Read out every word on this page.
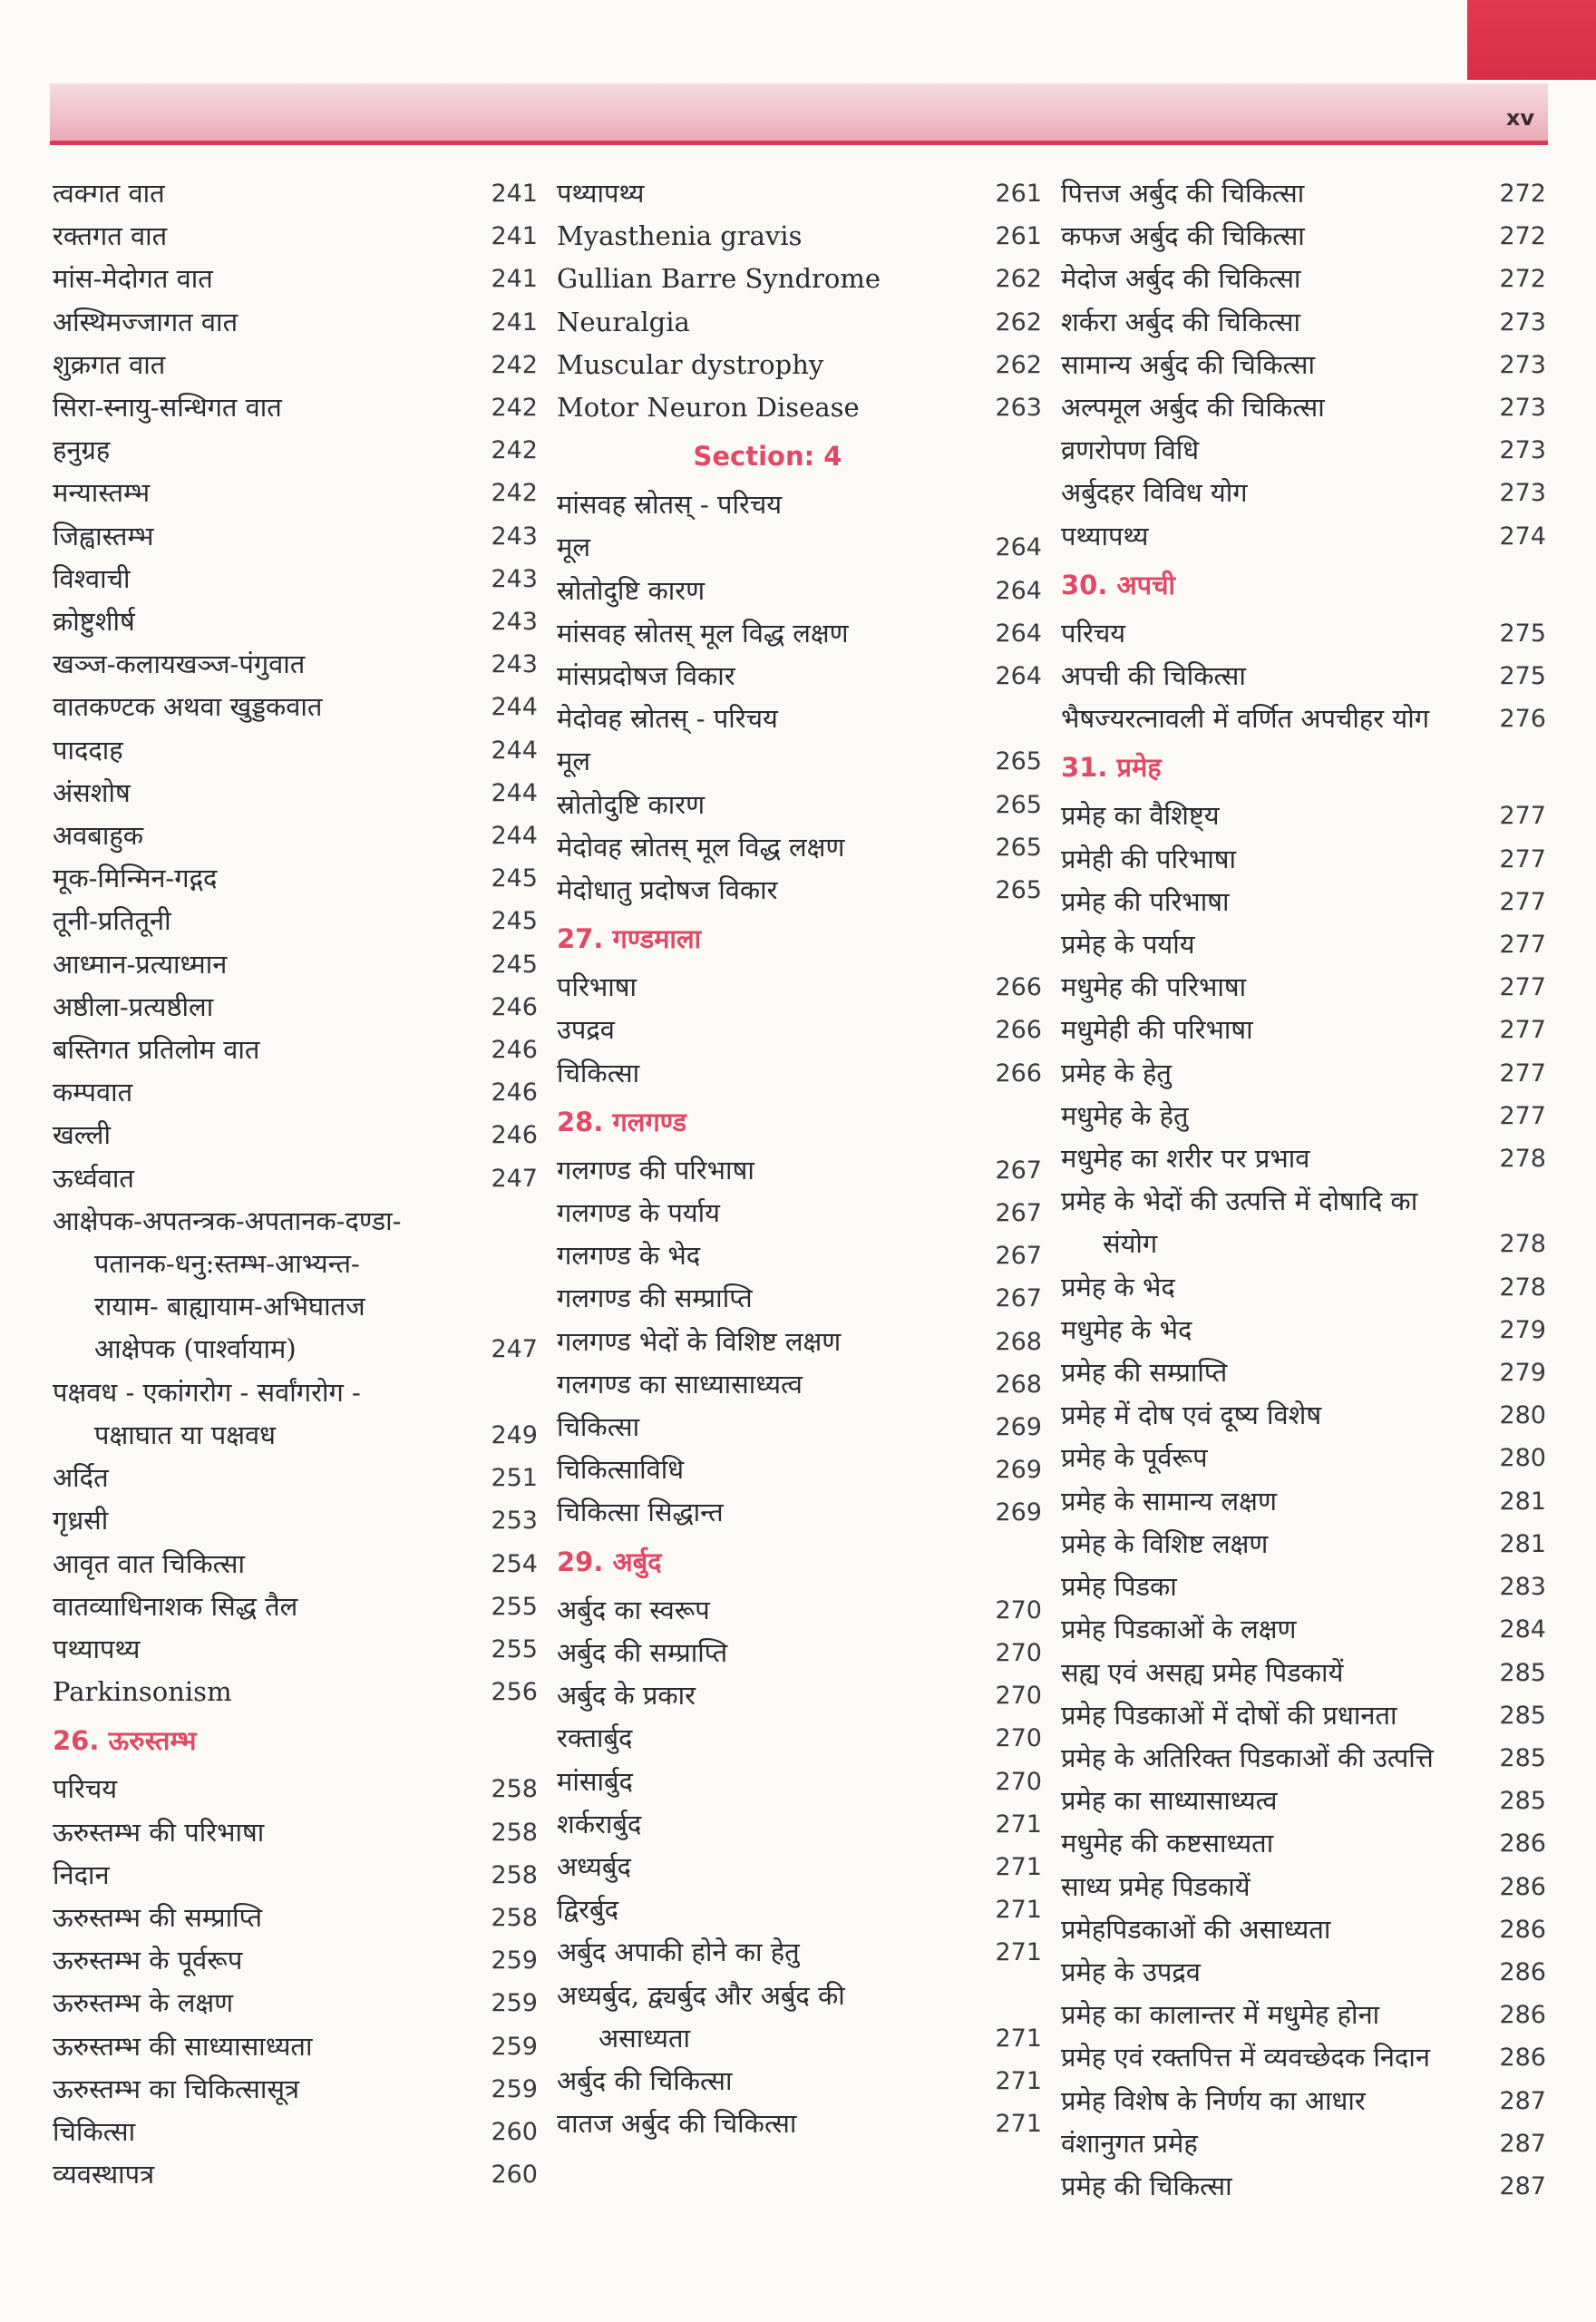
xv
त्वक्गत वात	241
रक्तगत वात	241
मांस-मेदोगत वात	241
अस्थिमज्जागत वात	241
शुक्रगत वात	242
सिरा-स्नायु-सन्धिगत वात	242
हनुग्रह	242
मन्यास्तम्भ	242
जिह्वास्तम्भ	243
विश्वाची	243
क्रोष्टुशीर्ष	243
खञ्ज-कलायखञ्ज-पंगुवात	243
वातकण्टक अथवा खुड्डकवात	244
पाददाह	244
अंसशोष	244
अवबाहुक	244
मूक-मिन्मिन-गद्गद	245
तूनी-प्रतितूनी	245
आध्मान-प्रत्याध्मान	245
अष्ठीला-प्रत्यष्ठीला	246
बस्तिगत प्रतिलोम वात	246
कम्पवात	246
खल्ली	246
ऊर्ध्ववात	247
आक्षेपक-अपतन्त्रक-अपतानक-दण्डा-
पतानक-धनु:स्तम्भ-आभ्यन्त-
रायाम- बाह्यायाम-अभिघातज
आक्षेपक (पार्श्वायाम)	247
पक्षवध - एकांगरोग - सर्वांगरोग -
पक्षाघात या पक्षवध	249
अर्दित	251
गृध्रसी	253
आवृत वात चिकित्सा	254
वातव्याधिनाशक सिद्ध तैल	255
पथ्यापथ्य	255
Parkinsonism	256
26. ऊरुस्तम्भ
परिचय	258
ऊरुस्तम्भ की परिभाषा	258
निदान	258
ऊरुस्तम्भ की सम्प्राप्ति	258
ऊरुस्तम्भ के पूर्वरूप	259
ऊरुस्तम्भ के लक्षण	259
ऊरुस्तम्भ की साध्यासाध्यता	259
ऊरुस्तम्भ का चिकित्सासूत्र	259
चिकित्सा	260
व्यवस्थापत्र	260
पथ्यापथ्य	261
Myasthenia gravis	261
Gullian Barre Syndrome	262
Neuralgia	262
Muscular dystrophy	262
Motor Neuron Disease	263
Section: 4
मांसवह स्रोतस् - परिचय
मूल	264
स्रोतोदुष्टि कारण	264
मांसवह स्रोतस् मूल विद्ध लक्षण	264
मांसप्रदोषज विकार	264
मेदोवह स्रोतस् - परिचय
मूल	265
स्रोतोदुष्टि कारण	265
मेदोवह स्रोतस् मूल विद्ध लक्षण	265
मेदोधातु प्रदोषज विकार	265
27. गण्डमाला
परिभाषा	266
उपद्रव	266
चिकित्सा	266
28. गलगण्ड
गलगण्ड की परिभाषा	267
गलगण्ड के पर्याय	267
गलगण्ड के भेद	267
गलगण्ड की सम्प्राप्ति	267
गलगण्ड भेदों के विशिष्ट लक्षण	268
गलगण्ड का साध्यासाध्यत्व	268
चिकित्सा	269
चिकित्साविधि	269
चिकित्सा सिद्धान्त	269
29. अर्बुद
अर्बुद का स्वरूप	270
अर्बुद की सम्प्राप्ति	270
अर्बुद के प्रकार	270
रक्तार्बुद	270
मांसार्बुद	270
शर्करार्बुद	271
अध्यर्बुद	271
द्विरर्बुद	271
अर्बुद अपाकी होने का हेतु	271
अध्यर्बुद, द्व्यर्बुद और अर्बुद की
असाध्यता	271
अर्बुद की चिकित्सा	271
वातज अर्बुद की चिकित्सा	271
पित्तज अर्बुद की चिकित्सा	272
कफज अर्बुद की चिकित्सा	272
मेदोज अर्बुद की चिकित्सा	272
शर्करा अर्बुद की चिकित्सा	273
सामान्य अर्बुद की चिकित्सा	273
अल्पमूल अर्बुद की चिकित्सा	273
व्रणरोपण विधि	273
अर्बुदहर विविध योग	273
पथ्यापथ्य	274
30. अपची
परिचय	275
अपची की चिकित्सा	275
भैषज्यरत्नावली में वर्णित अपचीहर योग	276
31. प्रमेह
प्रमेह का वैशिष्ट्य	277
प्रमेही की परिभाषा	277
प्रमेह की परिभाषा	277
प्रमेह के पर्याय	277
मधुमेह की परिभाषा	277
मधुमेही की परिभाषा	277
प्रमेह के हेतु	277
मधुमेह के हेतु	277
मधुमेह का शरीर पर प्रभाव	278
प्रमेह के भेदों की उत्पत्ति में दोषादि का
संयोग	278
प्रमेह के भेद	278
मधुमेह के भेद	279
प्रमेह की सम्प्राप्ति	279
प्रमेह में दोष एवं दूष्य विशेष	280
प्रमेह के पूर्वरूप	280
प्रमेह के सामान्य लक्षण	281
प्रमेह के विशिष्ट लक्षण	281
प्रमेह पिडका	283
प्रमेह पिडकाओं के लक्षण	284
सह्य एवं असह्य प्रमेह पिडकायें	285
प्रमेह पिडकाओं में दोषों की प्रधानता	285
प्रमेह के अतिरिक्त पिडकाओं की उत्पत्ति	285
प्रमेह का साध्यासाध्यत्व	285
मधुमेह की कष्टसाध्यता	286
साध्य प्रमेह पिडकायें	286
प्रमेहपिडकाओं की असाध्यता	286
प्रमेह के उपद्रव	286
प्रमेह का कालान्तर में मधुमेह होना	286
प्रमेह एवं रक्तपित्त में व्यवच्छेदक निदान	286
प्रमेह विशेष के निर्णय का आधार	287
वंशानुगत प्रमेह	287
प्रमेह की चिकित्सा	287
